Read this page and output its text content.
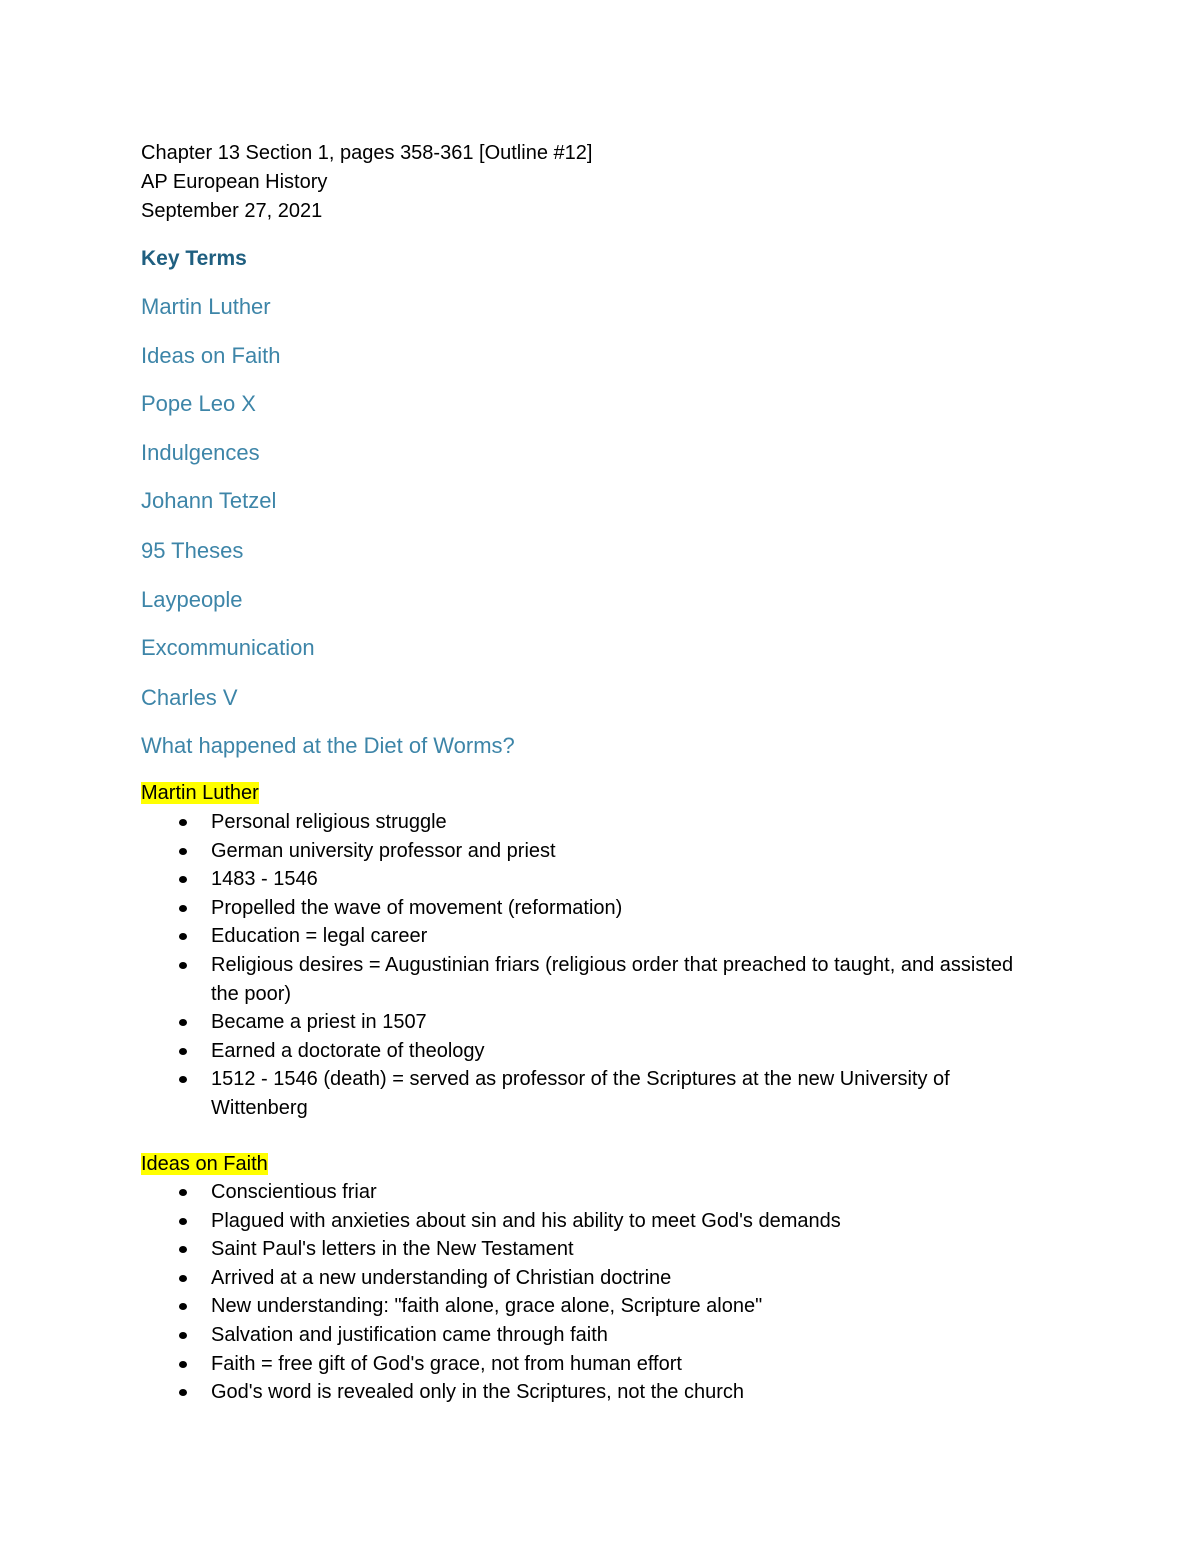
Chapter 13 Section 1, pages 358-361 [Outline #12]
AP European History
September 27, 2021
Key Terms
Martin Luther
Ideas on Faith
Pope Leo X
Indulgences
Johann Tetzel
95 Theses
Laypeople
Excommunication
Charles V
What happened at the Diet of Worms?
Martin Luther
Personal religious struggle
German university professor and priest
1483 - 1546
Propelled the wave of movement (reformation)
Education = legal career
Religious desires = Augustinian friars (religious order that preached to taught, and assisted the poor)
Became a priest in 1507
Earned a doctorate of theology
1512 - 1546 (death) = served as professor of the Scriptures at the new University of Wittenberg
Ideas on Faith
Conscientious friar
Plagued with anxieties about sin and his ability to meet God's demands
Saint Paul's letters in the New Testament
Arrived at a new understanding of Christian doctrine
New understanding: "faith alone, grace alone, Scripture alone"
Salvation and justification came through faith
Faith = free gift of God's grace, not from human effort
God's word is revealed only in the Scriptures, not the church
